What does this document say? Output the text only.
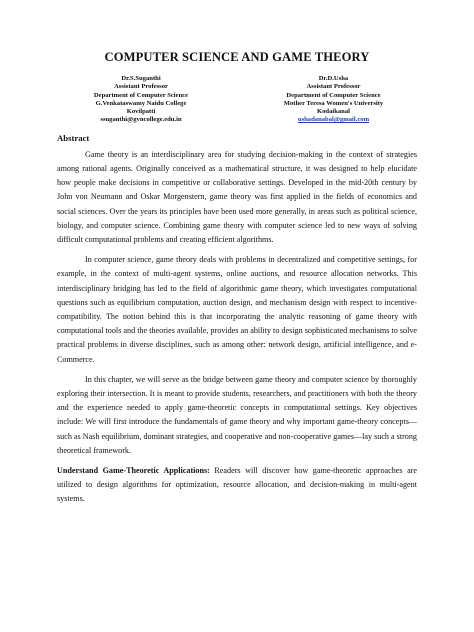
COMPUTER SCIENCE AND GAME THEORY
Dr.S.Suganthi
Assistant Professor
Department of Computer Science
G.Venkataswamy Naidu College
Kovilpatti
ssuganthi@gvncollege.edu.in
Dr.D.Usha
Assistant Professor
Department of Computer Science
Mother Teresa Women's University
Kodaikanal
ushadanabal@gmail.com
Abstract

Game theory is an interdisciplinary area for studying decision-making in the context of strategies among rational agents. Originally conceived as a mathematical structure, it was designed to help elucidate how people make decisions in competitive or collaborative settings. Developed in the mid-20th century by John von Neumann and Oskar Morgenstern, game theory was first applied in the fields of economics and social sciences. Over the years its principles have been used more generally, in areas such as political science, biology, and computer science. Combining game theory with computer science led to new ways of solving difficult computational problems and creating efficient algorithms.

In computer science, game theory deals with problems in decentralized and competitive settings, for example, in the context of multi-agent systems, online auctions, and resource allocation networks. This interdisciplinary bridging has led to the field of algorithmic game theory, which investigates computational questions such as equilibrium computation, auction design, and mechanism design with respect to incentive-compatibility. The notion behind this is that incorporating the analytic reasoning of game theory with computational tools and the theories available, provides an ability to design sophisticated mechanisms to solve practical problems in diverse disciplines, such as among other: network design, artificial intelligence, and e-Commerce.

In this chapter, we will serve as the bridge between game theory and computer science by thoroughly exploring their intersection. It is meant to provide students, researchers, and practitioners with both the theory and the experience needed to apply game-theoretic concepts in computational settings. Key objectives include: We will first introduce the fundamentals of game theory and why important game-theory concepts—such as Nash equilibrium, dominant strategies, and cooperative and non-cooperative games—lay such a strong theoretical framework.

Understand Game-Theoretic Applications: Readers will discover how game-theoretic approaches are utilized to design algorithms for optimization, resource allocation, and decision-making in multi-agent systems.
